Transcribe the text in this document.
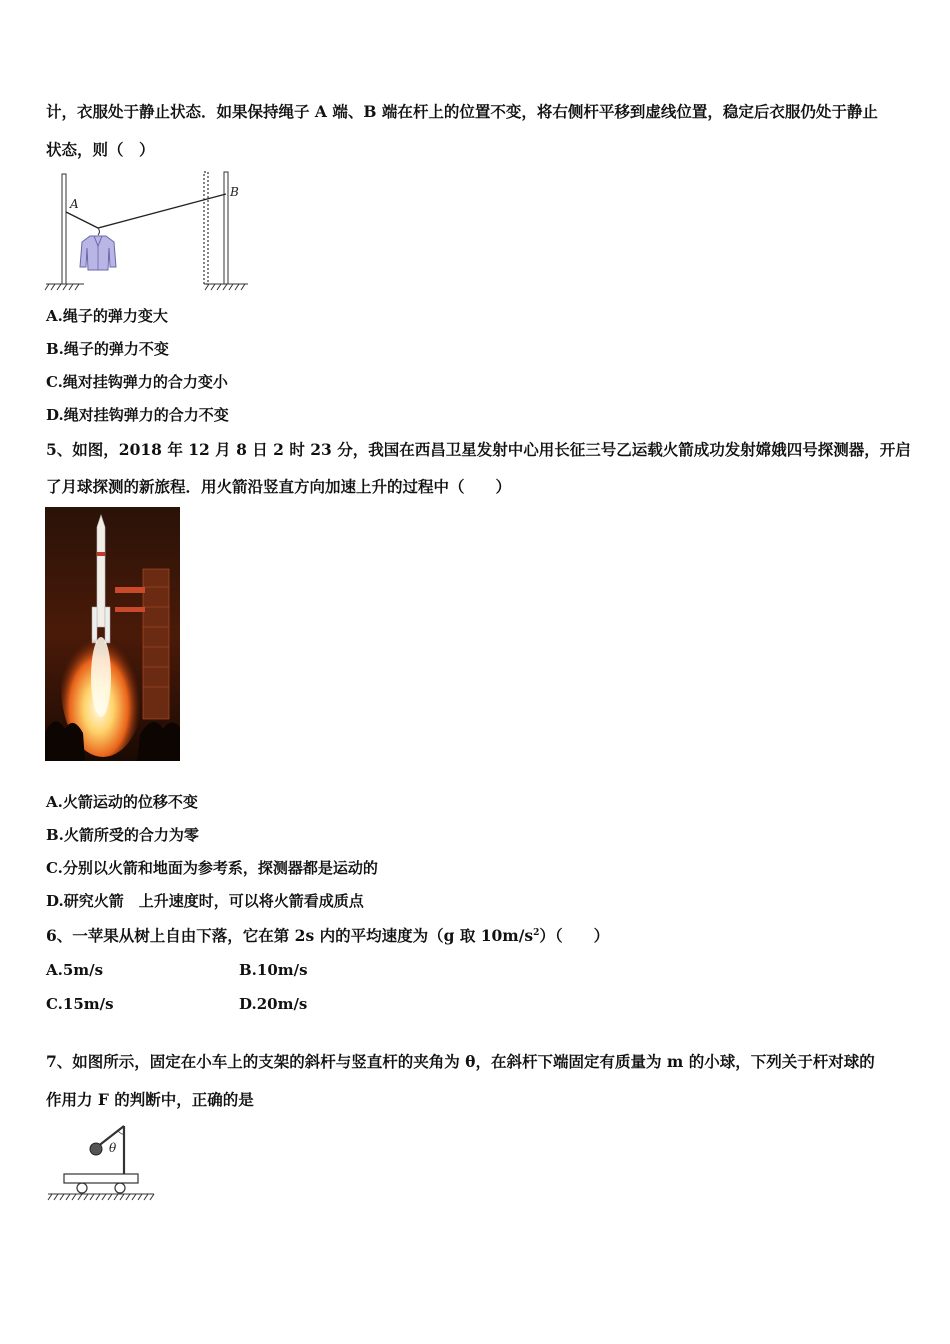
计，衣服处于静止状态．如果保持绳子 A 端、B 端在杆上的位置不变，将右侧杆平移到虚线位置，稳定后衣服仍处于静止
状态，则（　）
A
B
A.绳子的弹力变大
B.绳子的弹力不变
C.绳对挂钩弹力的合力变小
D.绳对挂钩弹力的合力不变
5、如图，2018 年 12 月 8 日 2 时 23 分，我国在西昌卫星发射中心用长征三号乙运载火箭成功发射嫦娥四号探测器，开启
了月球探测的新旅程．用火箭沿竖直方向加速上升的过程中（　　）
A.火箭运动的位移不变
B.火箭所受的合力为零
C.分别以火箭和地面为参考系，探测器都是运动的
D.研究火箭　上升速度时，可以将火箭看成质点
6、一苹果从树上自由下落，它在第 2s 内的平均速度为（g 取 $10m/s^2$）（　　）
A.5m/s	B.10m/s
C.15m/s	D.20m/s
7、如图所示，固定在小车上的支架的斜杆与竖直杆的夹角为 θ，在斜杆下端固定有质量为 m 的小球，下列关于杆对球的
作用力 F 的判断中，正确的是
θ
